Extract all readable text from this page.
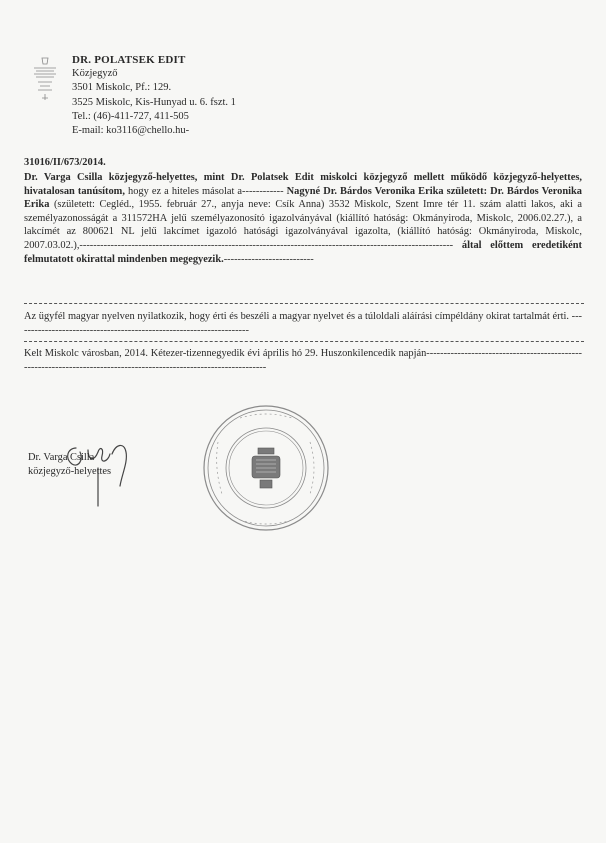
DR. POLATSEK EDIT
Közjegyző
3501 Miskolc, Pf.: 129.
3525 Miskolc, Kis-Hunyad u. 6. fszt. 1
Tel.: (46)-411-727, 411-505
E-mail: ko3116@chello.hu-
31016/II/673/2014.
Dr. Varga Csilla közjegyző-helyettes, mint Dr. Polatsek Edit miskolci közjegyző mellett működő közjegyző-helyettes, hivatalosan tanúsítom, hogy ez a hiteles másolat a------------ Nagyné Dr. Bárdos Veronika Erika született: Dr. Bárdos Veronika Erika (született: Cegléd., 1955. február 27., anyja neve: Csík Anna) 3532 Miskolc, Szent Imre tér 11. szám alatti lakos, aki a személyazonosságát a 311572HA jelű személyazonosító igazolványával (kiállító hatóság: Okmányiroda, Miskolc, 2006.02.27.), a lakcímét az 800621 NL jelű lakcímet igazoló hatósági igazolványával igazolta, (kiállító hatóság: Okmányiroda, Miskolc, 2007.03.02.),------------------------------------------------------------------------------------------------------------ által előttem eredetiként felmutatott okirattal mindenben megegyezik.--------------------------
Az ügyfél magyar nyelven nyilatkozik, hogy érti és beszéli a magyar nyelvet és a túloldali aláírási címpéldány okirat tartalmát érti. --------------------------------------------------------------------
Kelt Miskolc városban, 2014. Kétezer-tizennegyedik évi április hó 29. Huszonkilencedik napján-------------------------------------------------------------------------------------------------------------------
Dr. Varga Csilla
közjegyző-helyettes
